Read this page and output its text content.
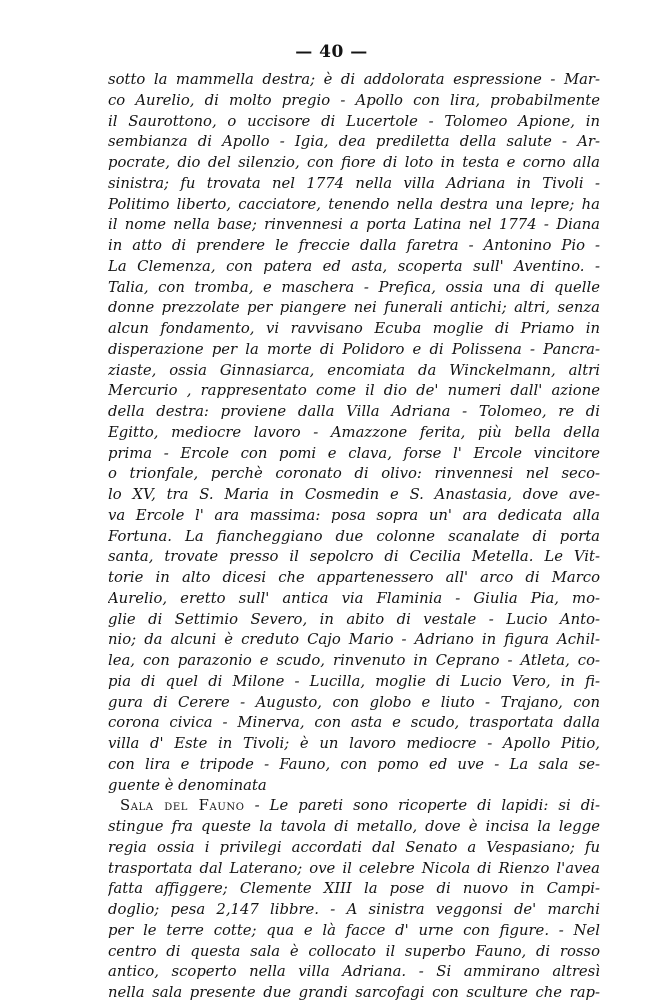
— 40 —
sotto la mammella destra; è di addolorata espressione - Mar-
co Aurelio, di molto pregio - Apollo con lira, probabilmente
il Saurottono, o uccisore di Lucertole - Tolomeo Apione, in
sembianza di Apollo - Igia, dea prediletta della salute - Ar-
pocrate, dio del silenzio, con fiore di loto in testa e corno alla
sinistra; fu trovata nel 1774 nella villa Adriana in Tivoli -
Politimo liberto, cacciatore, tenendo nella destra una lepre; ha
il nome nella base; rinvennesi a porta Latina nel 1774 - Diana
in atto di prendere le freccie dalla faretra - Antonino Pio -
La Clemenza, con patera ed asta, scoperta sull' Aventino. -
Talia, con tromba, e maschera - Prefica, ossia una di quelle
donne prezzolate per piangere nei funerali antichi; altri, senza
alcun fondamento, vi ravvisano Ecuba moglie di Priamo in
disperazione per la morte di Polidoro e di Polissena - Pancra-
ziaste, ossia Ginnasiarca, encomiata da Winckelmann, altri
Mercurio , rappresentato come il dio de' numeri dall' azione
della destra: proviene dalla Villa Adriana - Tolomeo, re di
Egitto, mediocre lavoro - Amazzone ferita, più bella della
prima - Ercole con pomi e clava, forse l' Ercole vincitore
o trionfale, perchè coronato di olivo: rinvennesi nel seco-
lo XV, tra S. Maria in Cosmedin e S. Anastasia, dove ave-
va Ercole l' ara massima: posa sopra un' ara dedicata alla
Fortuna. La fiancheggiano due colonne scanalate di porta
santa, trovate presso il sepolcro di Cecilia Metella. Le Vit-
torie in alto dicesi che appartenessero all' arco di Marco
Aurelio, eretto sull' antica via Flaminia - Giulia Pia, mo-
glie di Settimio Severo, in abito di vestale - Lucio Anto-
nio; da alcuni è creduto Cajo Mario - Adriano in figura Achil-
lea, con parazonio e scudo, rinvenuto in Ceprano - Atleta, co-
pia di quel di Milone - Lucilla, moglie di Lucio Vero, in fi-
gura di Cerere - Augusto, con globo e liuto - Trajano, con
corona civica - Minerva, con asta e scudo, trasportata dalla
villa d' Este in Tivoli; è un lavoro mediocre - Apollo Pitio,
con lira e tripode - Fauno, con pomo ed uve - La sala se-
guente è denominata
Sala del Fauno - Le pareti sono ricoperte di lapidi: si di-
stingue fra queste la tavola di metallo, dove è incisa la legge
regia ossia i privilegi accordati dal Senato a Vespasiano; fu
trasportata dal Laterano; ove il celebre Nicola di Rienzo l'avea
fatta affiggere; Clemente XIII la pose di nuovo in Campi-
doglio; pesa 2,147 libbre. - A sinistra veggonsi de' marchi
per le terre cotte; qua e là facce d' urne con figure. - Nel
centro di questa sala è collocato il superbo Fauno, di rosso
antico, scoperto nella villa Adriana. - Si ammirano altresì
nella sala presente due grandi sarcofagi con sculture che rap-
